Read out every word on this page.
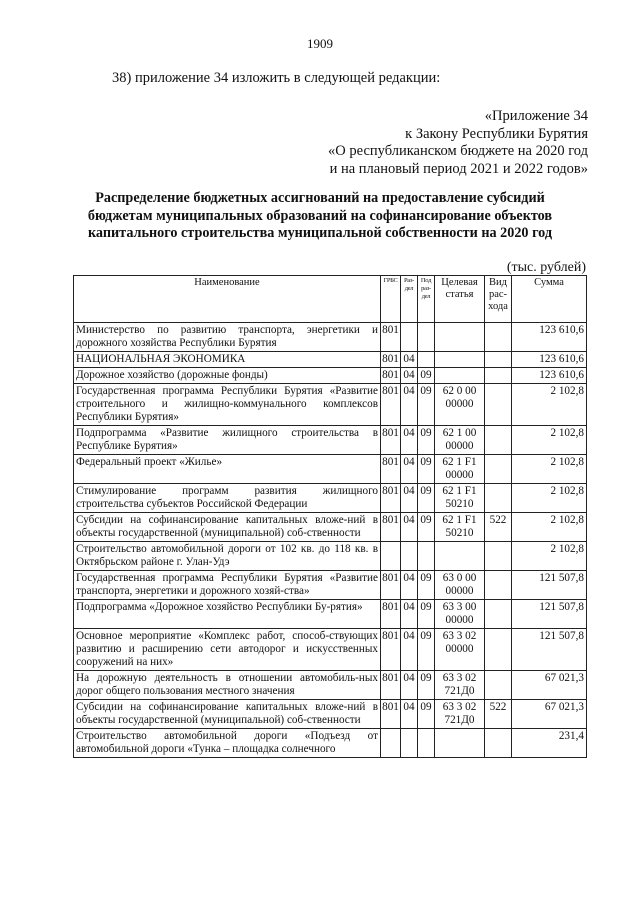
1909
38) приложение 34 изложить в следующей редакции:
«Приложение 34
к Закону Республики Бурятия
«О республиканском бюджете на 2020 год
и на плановый период 2021 и 2022 годов»
Распределение бюджетных ассигнований на предоставление субсидий
бюджетам муниципальных образований на софинансирование объектов
капитального строительства муниципальной собственности на 2020 год
(тыс. рублей)
Наименование	ГРБС	Раз-дел	Под раз-дел	Целевая статья	Вид рас-хода	Сумма
Министерство по развитию транспорта, энергетики и дорожного хозяйства Республики Бурятия	801					123 610,6
НАЦИОНАЛЬНАЯ ЭКОНОМИКА	801	04				123 610,6
Дорожное хозяйство (дорожные фонды)	801	04	09			123 610,6
Государственная программа Республики Бурятия «Развитие строительного и жилищно-коммунального комплексов Республики Бурятия»	801	04	09	62 0 00 00000		2 102,8
Подпрограмма «Развитие жилищного строительства в Республике Бурятия»	801	04	09	62 1 00 00000		2 102,8
Федеральный проект «Жилье»	801	04	09	62 1 F1 00000		2 102,8
Стимулирование программ развития жилищного строительства субъектов Российской Федерации	801	04	09	62 1 F1 50210		2 102,8
Субсидии на софинансирование капитальных вложе-ний в объекты государственной (муниципальной) соб-ственности	801	04	09	62 1 F1 50210	522	2 102,8
Строительство автомобильной дороги от 102 кв. до 118 кв. в Октябрьском районе г. Улан-Удэ						2 102,8
Государственная программа Республики Бурятия «Развитие транспорта, энергетики и дорожного хозяй-ства»	801	04	09	63 0 00 00000		121 507,8
Подпрограмма «Дорожное хозяйство Республики Бу-рятия»	801	04	09	63 3 00 00000		121 507,8
Основное мероприятие «Комплекс работ, способ-ствующих развитию и расширению сети автодорог и искусственных сооружений на них»	801	04	09	63 3 02 00000		121 507,8
На дорожную деятельность в отношении автомобиль-ных дорог общего пользования местного значения	801	04	09	63 3 02 721Д0		67 021,3
Субсидии на софинансирование капитальных вложе-ний в объекты государственной (муниципальной) соб-ственности	801	04	09	63 3 02 721Д0	522	67 021,3
Строительство автомобильной дороги «Подъезд от автомобильной дороги «Тунка – площадка солнечного						231,4
